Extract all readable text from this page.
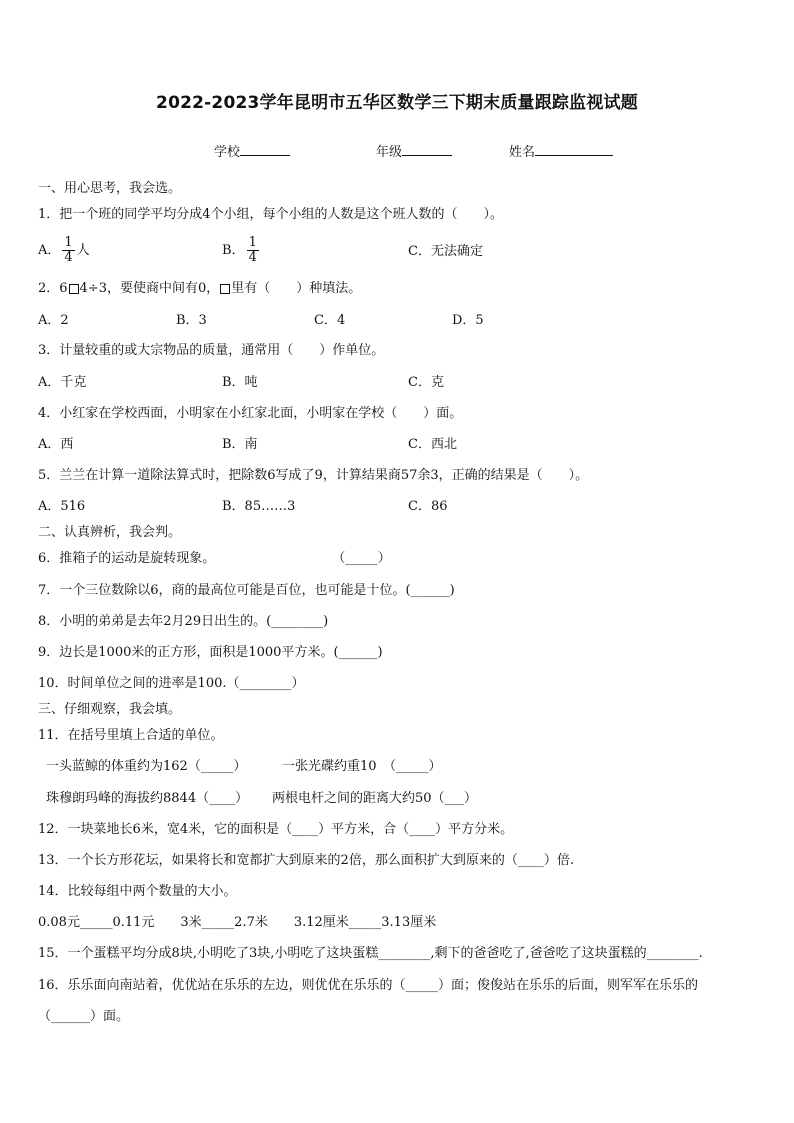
2022-2023学年昆明市五华区数学三下期末质量跟踪监视试题
学校	年级	姓名
一、用心思考，我会选。
1．把一个班的同学平均分成4个小组，每个小组的人数是这个班人数的（　　）。
A． $\frac{1}{4}$ 人	B． $\frac{1}{4}$	C．无法确定
2．6 4÷3，要使商中间有0， 里有（　　）种填法。
A．2	B．3	C．4	D．5
3．计量较重的或大宗物品的质量，通常用（　　）作单位。
A．千克	B．吨	C．克
4．小红家在学校西面，小明家在小红家北面，小明家在学校（　　）面。
A．西	B．南	C．西北
5．兰兰在计算一道除法算式时，把除数6写成了9，计算结果商57余3，正确的结果是（　　）。
A．516	B．85……3	C．86
二、认真辨析，我会判。
6．推箱子的运动是旋转现象。　　　　　　　　　　（_____）
7．一个三位数除以6，商的最高位可能是百位，也可能是十位。(______)
8．小明的弟弟是去年2月29日出生的。(________)
9．边长是1000米的正方形，面积是1000平方米。(______)
10．时间单位之间的进率是100.（________）
三、仔细观察，我会填。
11．在括号里填上合适的单位。
一头蓝鲸的体重约为162（_____）	一张光碟约重10　（_____）
珠穆朗玛峰的海拔约8844（____） 两根电杆之间的距离大约50（___）
12．一块菜地长6米，宽4米，它的面积是（____）平方米，合（____）平方分米。
13．一个长方形花坛，如果将长和宽都扩大到原来的2倍，那么面积扩大到原来的（____）倍.
14．比较每组中两个数量的大小。
0.08元_____0.11元　　3米_____2.7米　　3.12厘米_____3.13厘米
15．一个蛋糕平均分成8块,小明吃了3块,小明吃了这块蛋糕________,剩下的爸爸吃了,爸爸吃了这块蛋糕的________.
16．乐乐面向南站着，优优站在乐乐的左边，则优优在乐乐的（_____）面；俊俊站在乐乐的后面，则军军在乐乐的
（______）面。
